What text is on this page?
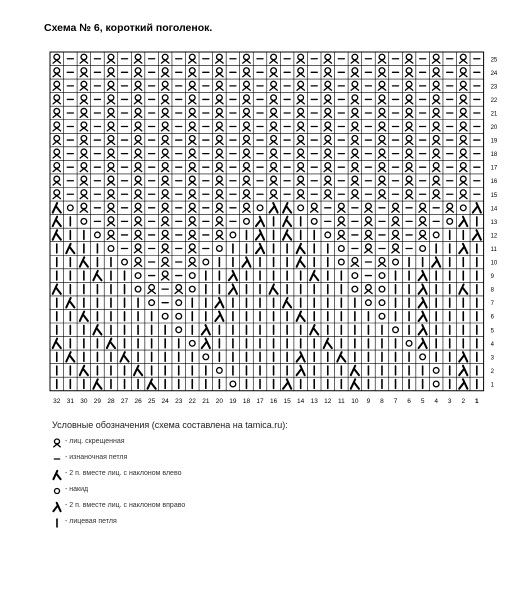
Схема № 6, короткий поголенок.
32 31 30 29 28 27 26 25 24 23 22 21 20 19 18 17 16 15 14 13 12 11 10 9 8 7 6 5 4 3 2 1
25
24
23
22
21
20
19
18
17
16
15
14
13
12
11
10
9
8
7
6
5
4
3
2
1
Условные обозначения (схема составлена на tamica.ru):
- лиц. скрещенная
- изнаночная петля
- 2 п. вместе лиц. с наклоном влево
- накид
- 2 п. вместе лиц. с наклоном вправо
- лицевая петля
